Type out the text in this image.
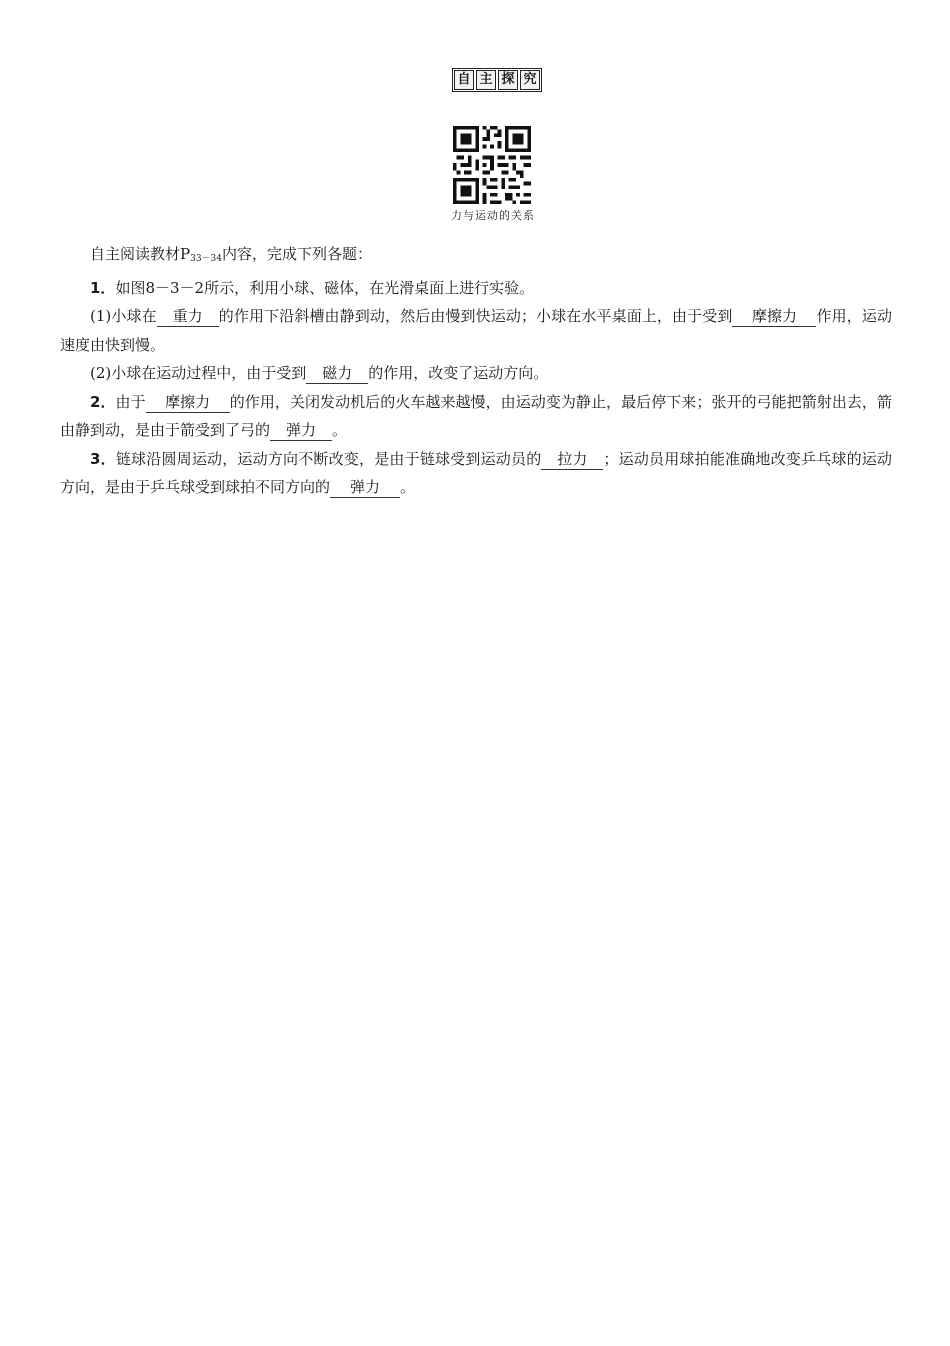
自 主 探 究
力与运动的关系

自主阅读教材$P_{33-34}$内容，完成下列各题：

1．如图8－3－2所示，利用小球、磁体，在光滑桌面上进行实验。

(1)小球在 重力 的作用下沿斜槽由静到动，然后由慢到快运动；小球在水平桌面上，由于受到 摩擦力 作用，运动速度由快到慢。

(2)小球在运动过程中，由于受到 磁力 的作用，改变了运动方向。

2．由于 摩擦力 的作用，关闭发动机后的火车越来越慢，由运动变为静止，最后停下来；张开的弓能把箭射出去，箭由静到动，是由于箭受到了弓的 弹力 。

3．链球沿圆周运动，运动方向不断改变，是由于链球受到运动员的 拉力 ；运动员用球拍能准确地改变乒乓球的运动方向，是由于乒乓球受到球拍不同方向的 弹力 。
